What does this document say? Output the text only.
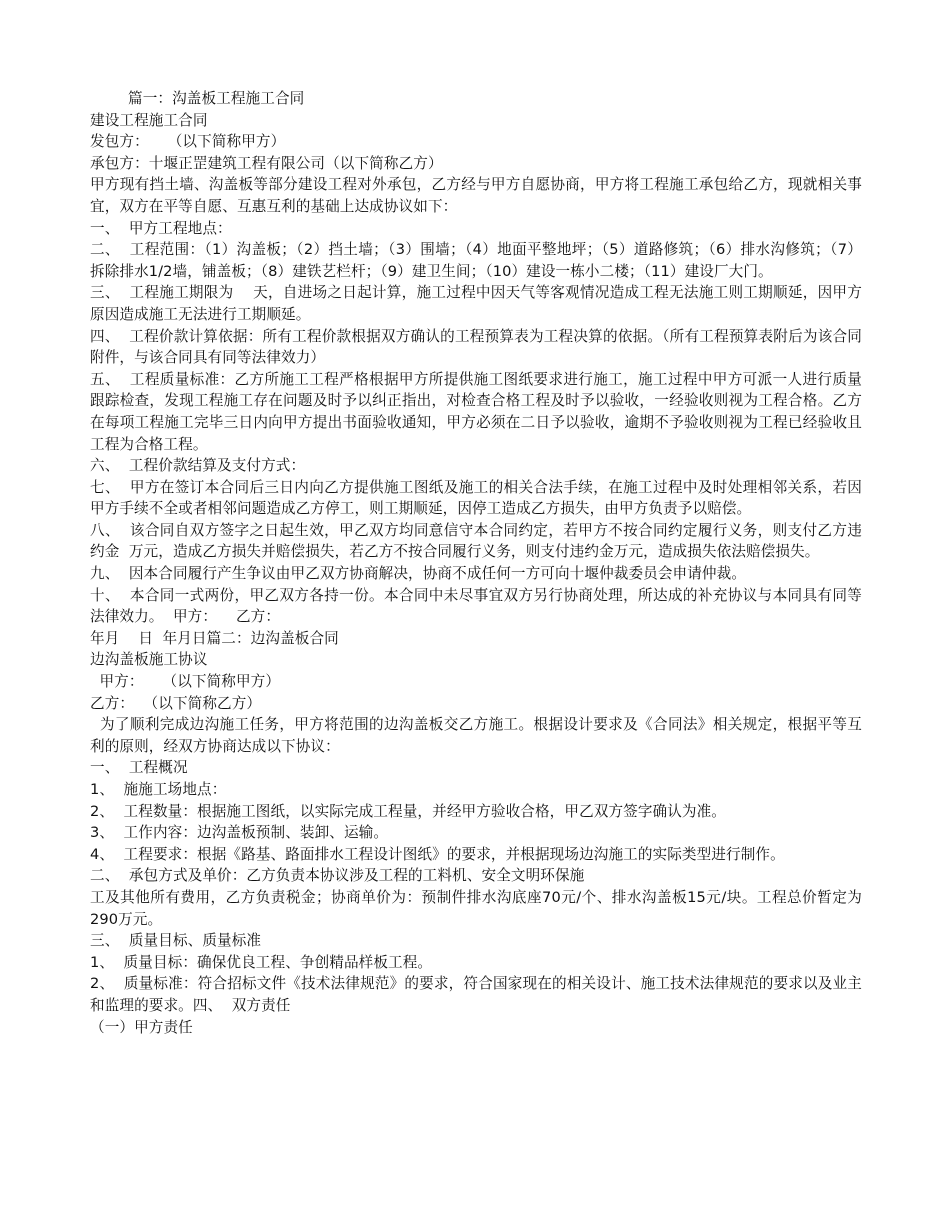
篇一：沟盖板工程施工合同

建设工程施工合同

发包方：    （以下简称甲方）

承包方：十堰正罡建筑工程有限公司（以下简称乙方）

甲方现有挡土墙、沟盖板等部分建设工程对外承包，乙方经与甲方自愿协商，甲方将工程施工承包给乙方，现就相关事宜，双方在平等自愿、互惠互利的基础上达成协议如下：

一、  甲方工程地点：

二、  工程范围：（1）沟盖板；（2）挡土墙；（3）围墙；（4）地面平整地坪；（5）道路修筑；（6）排水沟修筑；（7）拆除排水1/2墙，铺盖板；（8）建铁艺栏杆；（9）建卫生间；（10）建设一栋小二楼；（11）建设厂大门。

三、  工程施工期限为    天，自进场之日起计算，施工过程中因天气等客观情况造成工程无法施工则工期顺延，因甲方原因造成施工无法进行工期顺延。

四、  工程价款计算依据：所有工程价款根据双方确认的工程预算表为工程决算的依据。（所有工程预算表附后为该合同附件，与该合同具有同等法律效力）

五、  工程质量标准：乙方所施工工程严格根据甲方所提供施工图纸要求进行施工，施工过程中甲方可派一人进行质量跟踪检查，发现工程施工存在问题及时予以纠正指出，对检查合格工程及时予以验收，一经验收则视为工程合格。乙方在每项工程施工完毕三日内向甲方提出书面验收通知，甲方必须在二日予以验收，逾期不予验收则视为工程已经验收且工程为合格工程。

六、  工程价款结算及支付方式：

七、  甲方在签订本合同后三日内向乙方提供施工图纸及施工的相关合法手续，在施工过程中及时处理相邻关系，若因甲方手续不全或者相邻问题造成乙方停工，则工期顺延，因停工造成乙方损失，由甲方负责予以赔偿。

八、  该合同自双方签字之日起生效，甲乙双方均同意信守本合同约定，若甲方不按合同约定履行义务，则支付乙方违约金  万元，造成乙方损失并赔偿损失，若乙方不按合同履行义务，则支付违约金万元，造成损失依法赔偿损失。

九、  因本合同履行产生争议由甲乙双方协商解决，协商不成任何一方可向十堰仲裁委员会申请仲裁。

十、  本合同一式两份，甲乙双方各持一份。本合同中未尽事宜双方另行协商处理，所达成的补充协议与本同具有同等法律效力。  甲方：    乙方：

年月    日  年月日篇二：边沟盖板合同

边沟盖板施工协议

甲方：    （以下简称甲方）

乙方：  （以下简称乙方）

为了顺利完成边沟施工任务，甲方将范围的边沟盖板交乙方施工。根据设计要求及《合同法》相关规定，根据平等互利的原则，经双方协商达成以下协议：

一、  工程概况

1、  施施工场地点：

2、  工程数量：根据施工图纸，以实际完成工程量，并经甲方验收合格，甲乙双方签字确认为准。

3、  工作内容：边沟盖板预制、装卸、运输。

4、  工程要求：根据《路基、路面排水工程设计图纸》的要求，并根据现场边沟施工的实际类型进行制作。

二、  承包方式及单价：乙方负责本协议涉及工程的工料机、安全文明环保施

工及其他所有费用，乙方负责税金；协商单价为：预制件排水沟底座70元/个、排水沟盖板15元/块。工程总价暂定为290万元。

三、  质量目标、质量标准

1、  质量目标：确保优良工程、争创精品样板工程。

2、  质量标准：符合招标文件《技术法律规范》的要求，符合国家现在的相关设计、施工技术法律规范的要求以及业主和监理的要求。四、  双方责任

（一）甲方责任
